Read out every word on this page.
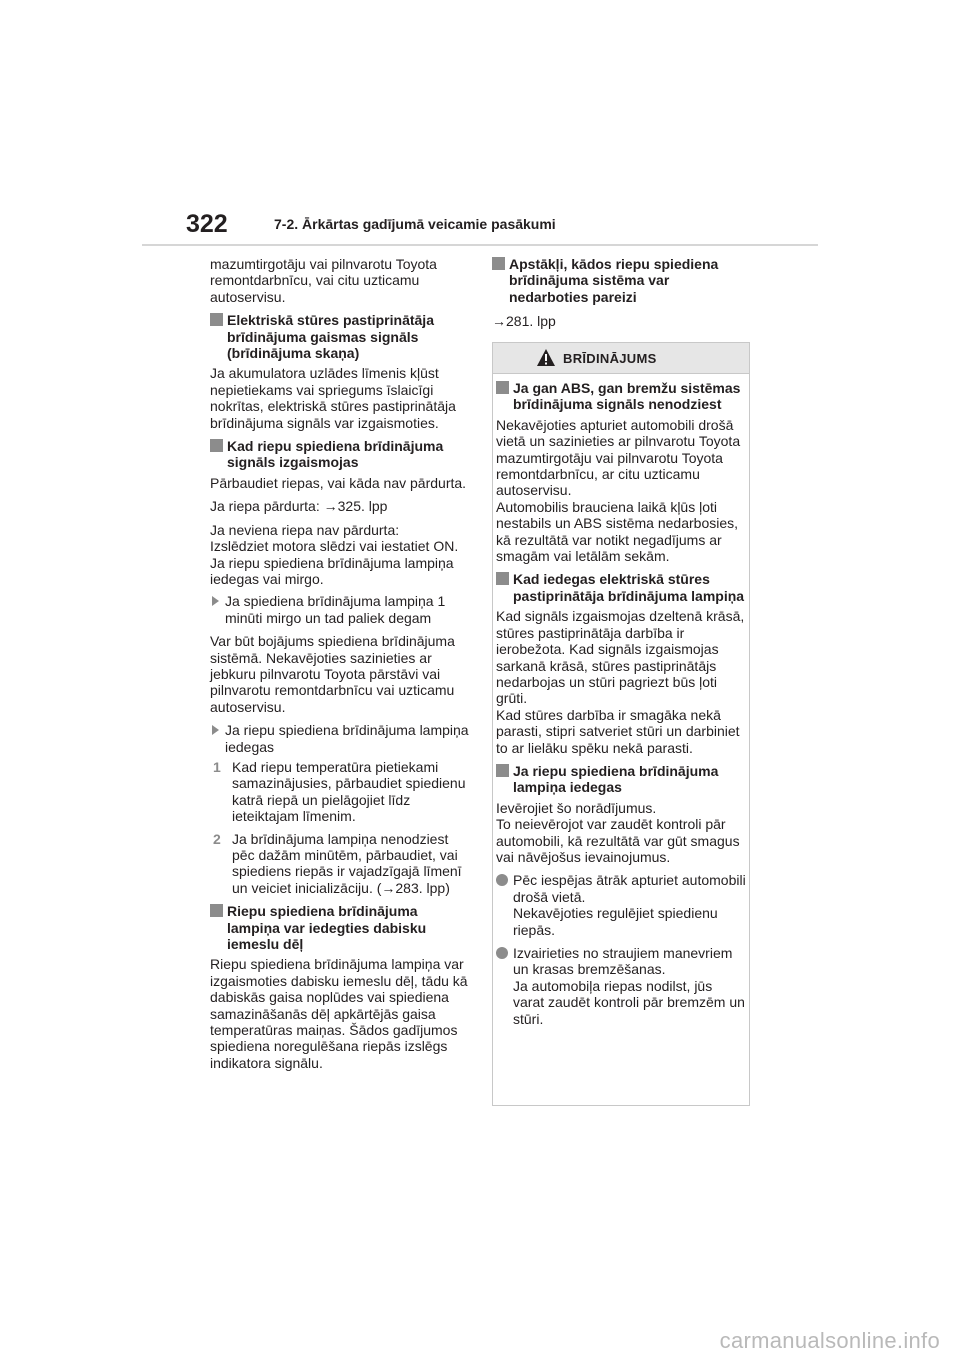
322	7-2. Ārkārtas gadījumā veicamie pasākumi

mazumtirgotāju vai pilnvarotu Toyota remontdarbnīcu, vai citu uzticamu autoservisu.

Elektriskā stūres pastiprinātāja brīdinājuma gaismas signāls (brīdinājuma skaņa)

Ja akumulatora uzlādes līmenis kļūst nepietiekams vai spriegums īslaicīgi nokrītas, elektriskā stūres pastiprinātāja brīdinājuma signāls var izgaismoties.

Kad riepu spiediena brīdinājuma signāls izgaismojas

Pārbaudiet riepas, vai kāda nav pārdurta.

Ja riepa pārdurta: →325. lpp

Ja neviena riepa nav pārdurta:
Izslēdziet motora slēdzi vai iestatiet ON. Ja riepu spiediena brīdinājuma lampiņa iedegas vai mirgo.

Ja spiediena brīdinājuma lampiņa 1 minūti mirgo un tad paliek degam

Var būt bojājums spiediena brīdinājuma sistēmā. Nekavējoties sazinieties ar jebkuru pilnvarotu Toyota pārstāvi vai pilnvarotu remontdarbnīcu vai uzticamu autoservisu.

Ja riepu spiediena brīdinājuma lampiņa iedegas
1 Kad riepu temperatūra pietiekami samazinājusies, pārbaudiet spiedienu katrā riepā un pielāgojiet līdz ieteiktajam līmenim.
2 Ja brīdinājuma lampiņa nenodziest pēc dažām minūtēm, pārbaudiet, vai spiediens riepās ir vajadzīgajā līmenī un veiciet inicializāciju. (→283. lpp)
Riepu spiediena brīdinājuma lampiņa var iedegties dabisku iemeslu dēļ

Riepu spiediena brīdinājuma lampiņa var izgaismoties dabisku iemeslu dēļ, tādu kā dabiskās gaisa noplūdes vai spiediena samazināšanās dēļ apkārtējās gaisa temperatūras maiņas. Šādos gadījumos spiediena noregulēšana riepās izslēgs indikatora signālu.

Apstākļi, kādos riepu spiediena brīdinājuma sistēma var nedarboties pareizi

→281. lpp

BRĪDINĀJUMS
Ja gan ABS, gan bremžu sistēmas brīdinājuma signāls nenodziest

Nekavējoties apturiet automobili drošā vietā un sazinieties ar pilnvarotu Toyota mazumtirgotāju vai pilnvarotu Toyota remontdarbnīcu, ar citu uzticamu autoservisu.
Automobilis brauciena laikā kļūs ļoti nestabils un ABS sistēma nedarbosies, kā rezultātā var notikt negadījums ar smagām vai letālām sekām.

Kad iedegas elektriskā stūres pastiprinātāja brīdinājuma lampiņa

Kad signāls izgaismojas dzeltenā krāsā, stūres pastiprinātāja darbība ir ierobežota. Kad signāls izgaismojas sarkanā krāsā, stūres pastiprinātājs nedarbojas un stūri pagriezt būs ļoti grūti.
Kad stūres darbība ir smagāka nekā parasti, stipri satveriet stūri un darbiniet to ar lielāku spēku nekā parasti.

Ja riepu spiediena brīdinājuma lampiņa iedegas

Ievērojiet šo norādījumus.
To neievērojot var zaudēt kontroli pār automobili, kā rezultātā var gūt smagus vai nāvējošus ievainojumus.

Pēc iespējas ātrāk apturiet automobili drošā vietā.
Nekavējoties regulējiet spiedienu riepās.
Izvairieties no straujiem manevriem un krasas bremzēšanas.
Ja automobiļa riepas nodilst, jūs varat zaudēt kontroli pār bremzēm un stūri.
carmanualsonline.info
